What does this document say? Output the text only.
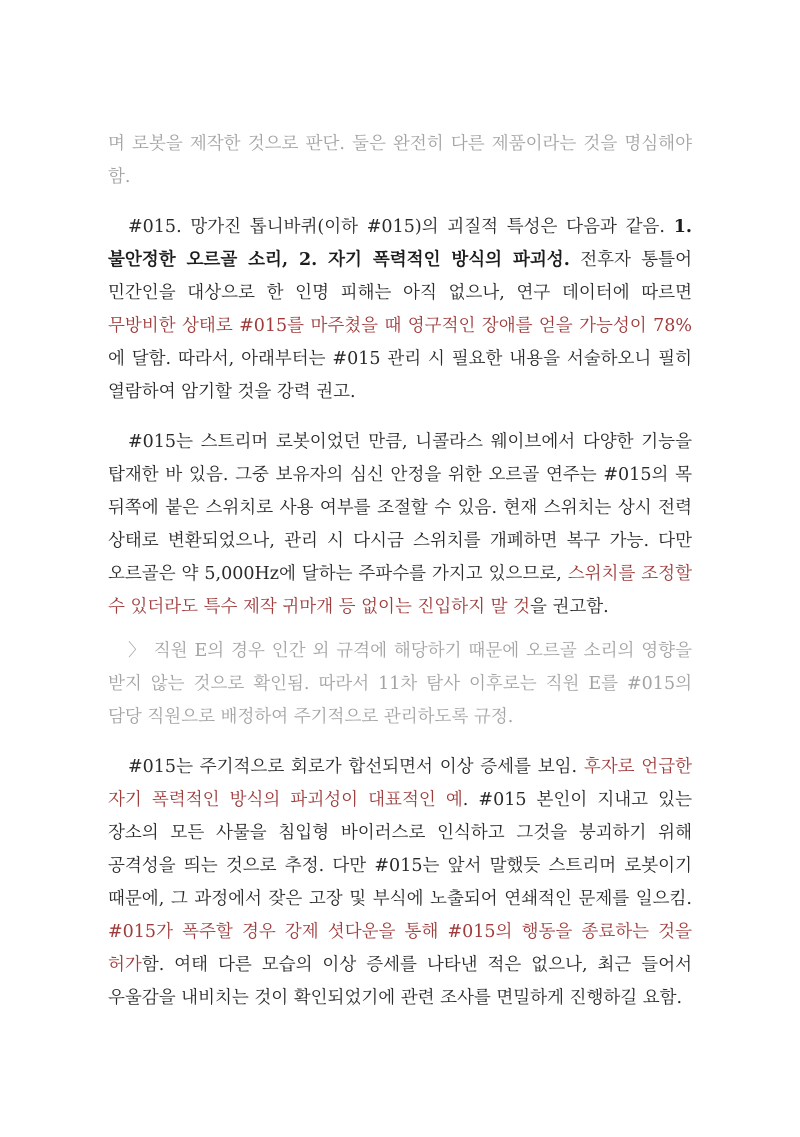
며 로봇을 제작한 것으로 판단. 둘은 완전히 다른 제품이라는 것을 명심해야 함.

#015. 망가진 톱니바퀴(이하 #015)의 괴질적 특성은 다음과 같음. 1. 불안정한 오르골 소리, 2. 자기 폭력적인 방식의 파괴성. 전후자 통틀어 민간인을 대상으로 한 인명 피해는 아직 없으나, 연구 데이터에 따르면 무방비한 상태로 #015를 마주쳤을 때 영구적인 장애를 얻을 가능성이 78%에 달함. 따라서, 아래부터는 #015 관리 시 필요한 내용을 서술하오니 필히 열람하여 암기할 것을 강력 권고.

#015는 스트리머 로봇이었던 만큼, 니콜라스 웨이브에서 다양한 기능을 탑재한 바 있음. 그중 보유자의 심신 안정을 위한 오르골 연주는 #015의 목 뒤쪽에 붙은 스위치로 사용 여부를 조절할 수 있음. 현재 스위치는 상시 전력 상태로 변환되었으나, 관리 시 다시금 스위치를 개폐하면 복구 가능. 다만 오르골은 약 5,000Hz에 달하는 주파수를 가지고 있으므로, 스위치를 조정할 수 있더라도 특수 제작 귀마개 등 없이는 진입하지 말 것을 권고함.

〉 직원 E의 경우 인간 외 규격에 해당하기 때문에 오르골 소리의 영향을 받지 않는 것으로 확인됨. 따라서 11차 탐사 이후로는 직원 E를 #015의 담당 직원으로 배정하여 주기적으로 관리하도록 규정.

#015는 주기적으로 회로가 합선되면서 이상 증세를 보임. 후자로 언급한 자기 폭력적인 방식의 파괴성이 대표적인 예. #015 본인이 지내고 있는 장소의 모든 사물을 침입형 바이러스로 인식하고 그것을 붕괴하기 위해 공격성을 띄는 것으로 추정. 다만 #015는 앞서 말했듯 스트리머 로봇이기 때문에, 그 과정에서 잦은 고장 및 부식에 노출되어 연쇄적인 문제를 일으킴. #015가 폭주할 경우 강제 셧다운을 통해 #015의 행동을 종료하는 것을 허가함. 여태 다른 모습의 이상 증세를 나타낸 적은 없으나, 최근 들어서 우울감을 내비치는 것이 확인되었기에 관련 조사를 면밀하게 진행하길 요함.
